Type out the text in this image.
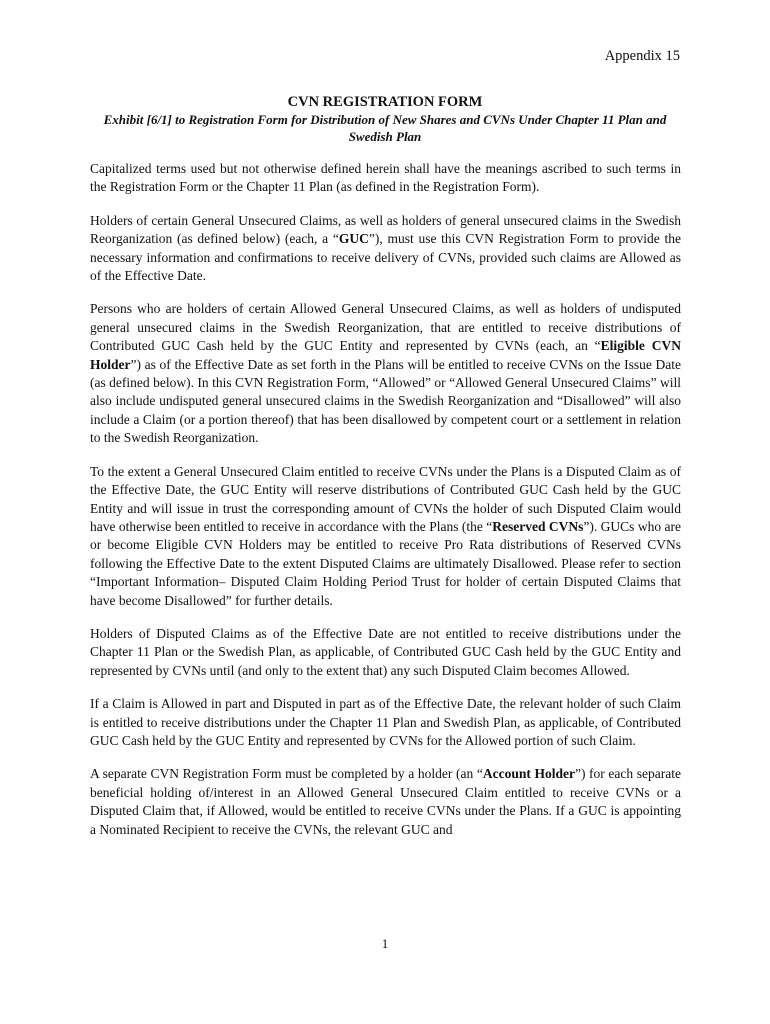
Appendix 15
CVN REGISTRATION FORM
Exhibit [6/1] to Registration Form for Distribution of New Shares and CVNs Under Chapter 11 Plan and Swedish Plan

Capitalized terms used but not otherwise defined herein shall have the meanings ascribed to such terms in the Registration Form or the Chapter 11 Plan (as defined in the Registration Form).

Holders of certain General Unsecured Claims, as well as holders of general unsecured claims in the Swedish Reorganization (as defined below) (each, a “GUC”), must use this CVN Registration Form to provide the necessary information and confirmations to receive delivery of CVNs, provided such claims are Allowed as of the Effective Date.

Persons who are holders of certain Allowed General Unsecured Claims, as well as holders of undisputed general unsecured claims in the Swedish Reorganization, that are entitled to receive distributions of Contributed GUC Cash held by the GUC Entity and represented by CVNs (each, an “Eligible CVN Holder”) as of the Effective Date as set forth in the Plans will be entitled to receive CVNs on the Issue Date (as defined below). In this CVN Registration Form, “Allowed” or “Allowed General Unsecured Claims” will also include undisputed general unsecured claims in the Swedish Reorganization and “Disallowed” will also include a Claim (or a portion thereof) that has been disallowed by competent court or a settlement in relation to the Swedish Reorganization.

To the extent a General Unsecured Claim entitled to receive CVNs under the Plans is a Disputed Claim as of the Effective Date, the GUC Entity will reserve distributions of Contributed GUC Cash held by the GUC Entity and will issue in trust the corresponding amount of CVNs the holder of such Disputed Claim would have otherwise been entitled to receive in accordance with the Plans (the “Reserved CVNs”). GUCs who are or become Eligible CVN Holders may be entitled to receive Pro Rata distributions of Reserved CVNs following the Effective Date to the extent Disputed Claims are ultimately Disallowed. Please refer to section “Important Information– Disputed Claim Holding Period Trust for holder of certain Disputed Claims that have become Disallowed” for further details.

Holders of Disputed Claims as of the Effective Date are not entitled to receive distributions under the Chapter 11 Plan or the Swedish Plan, as applicable, of Contributed GUC Cash held by the GUC Entity and represented by CVNs until (and only to the extent that) any such Disputed Claim becomes Allowed.

If a Claim is Allowed in part and Disputed in part as of the Effective Date, the relevant holder of such Claim is entitled to receive distributions under the Chapter 11 Plan and Swedish Plan, as applicable, of Contributed GUC Cash held by the GUC Entity and represented by CVNs for the Allowed portion of such Claim.

A separate CVN Registration Form must be completed by a holder (an “Account Holder”) for each separate beneficial holding of/interest in an Allowed General Unsecured Claim entitled to receive CVNs or a Disputed Claim that, if Allowed, would be entitled to receive CVNs under the Plans. If a GUC is appointing a Nominated Recipient to receive the CVNs, the relevant GUC and

1
